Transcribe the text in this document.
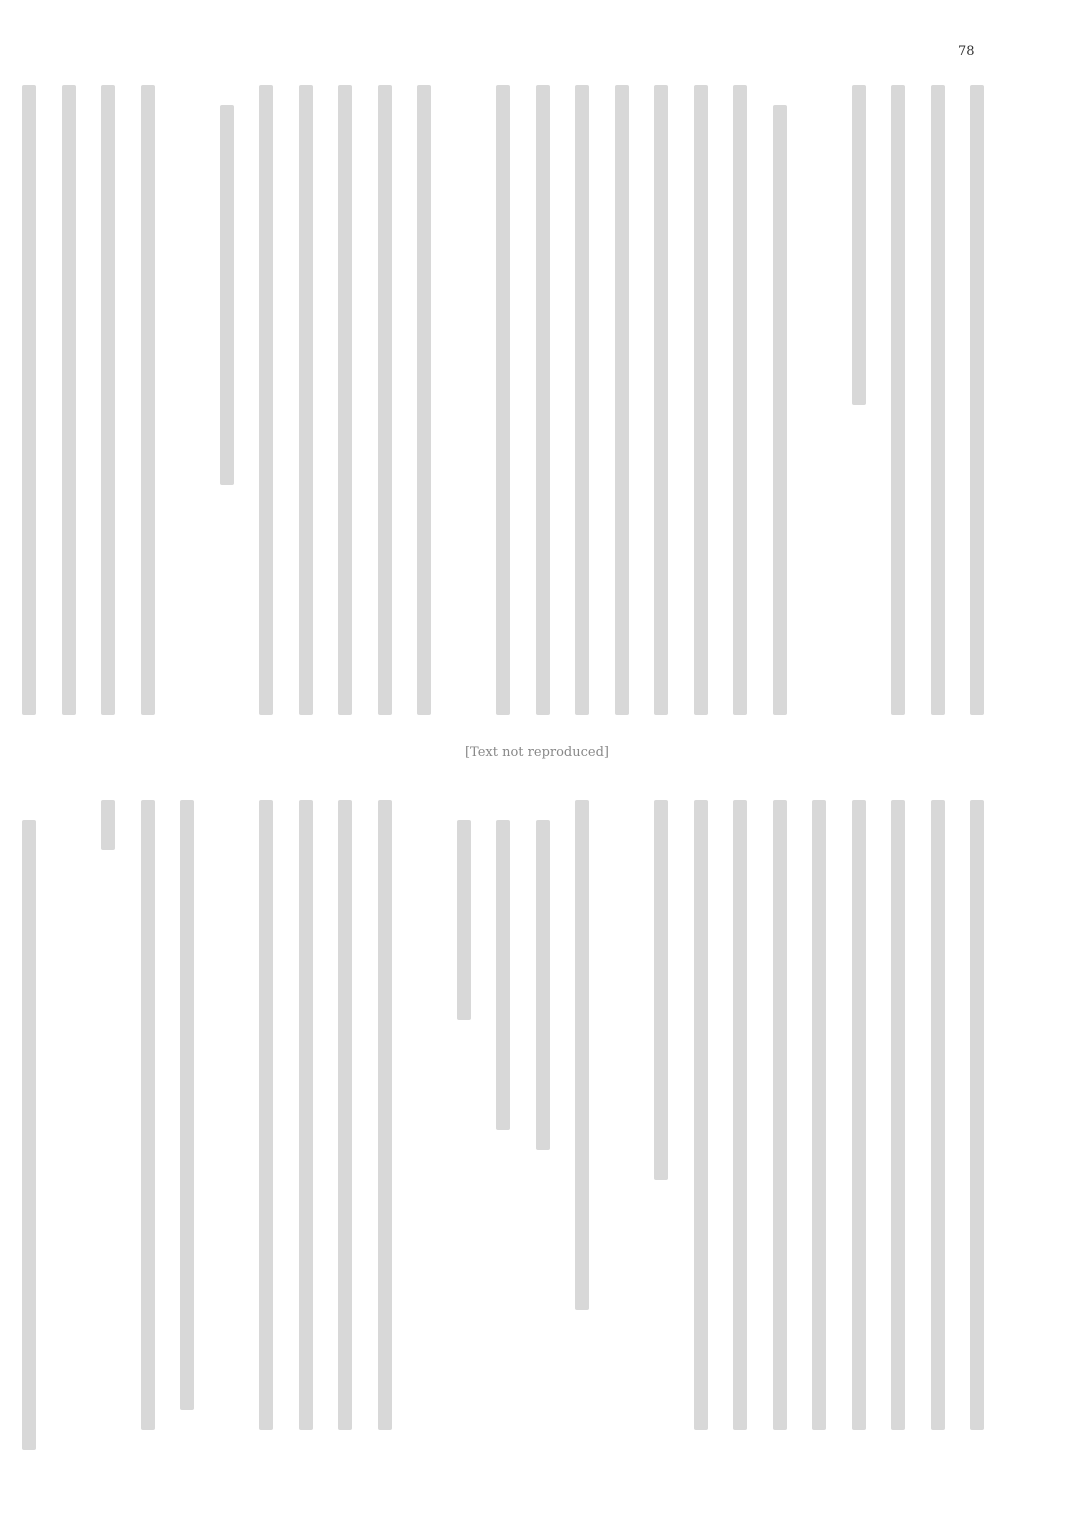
78
[Text not reproduced]
